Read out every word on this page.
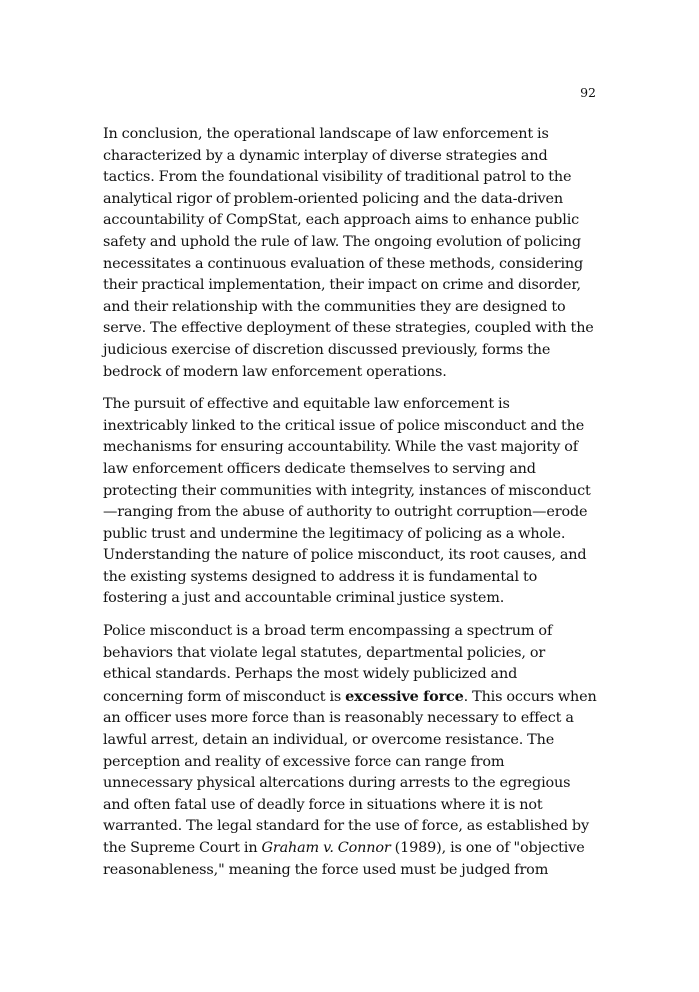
92

In conclusion, the operational landscape of law enforcement is characterized by a dynamic interplay of diverse strategies and tactics. From the foundational visibility of traditional patrol to the analytical rigor of problem-oriented policing and the data-driven accountability of CompStat, each approach aims to enhance public safety and uphold the rule of law. The ongoing evolution of policing necessitates a continuous evaluation of these methods, considering their practical implementation, their impact on crime and disorder, and their relationship with the communities they are designed to serve. The effective deployment of these strategies, coupled with the judicious exercise of discretion discussed previously, forms the bedrock of modern law enforcement operations.

The pursuit of effective and equitable law enforcement is inextricably linked to the critical issue of police misconduct and the mechanisms for ensuring accountability. While the vast majority of law enforcement officers dedicate themselves to serving and protecting their communities with integrity, instances of misconduct—ranging from the abuse of authority to outright corruption—erode public trust and undermine the legitimacy of policing as a whole. Understanding the nature of police misconduct, its root causes, and the existing systems designed to address it is fundamental to fostering a just and accountable criminal justice system.

Police misconduct is a broad term encompassing a spectrum of behaviors that violate legal statutes, departmental policies, or ethical standards. Perhaps the most widely publicized and concerning form of misconduct is excessive force. This occurs when an officer uses more force than is reasonably necessary to effect a lawful arrest, detain an individual, or overcome resistance. The perception and reality of excessive force can range from unnecessary physical altercations during arrests to the egregious and often fatal use of deadly force in situations where it is not warranted. The legal standard for the use of force, as established by the Supreme Court in Graham v. Connor (1989), is one of "objective reasonableness," meaning the force used must be judged from
